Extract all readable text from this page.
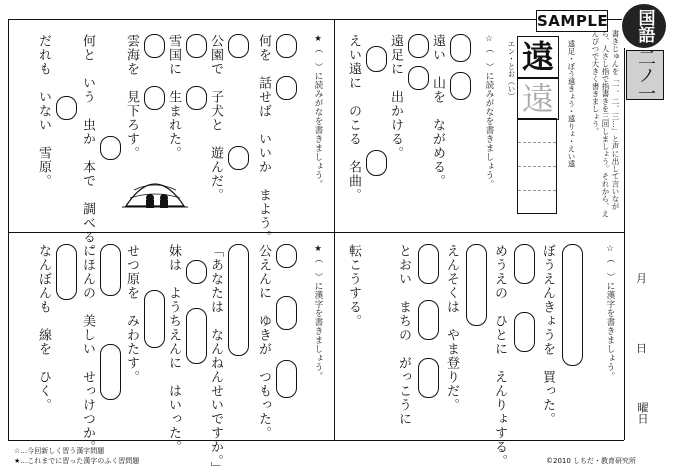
SAMPLE	国語
二ノ一
月
日
曜日
遠
遠
エン・とお（い）	遠足・ぼう遠きょう・遠りょ・えい遠	書きじゅんを「一、二、三…」と声に出して言いながら、人さし指で指書きを三回しましょう。それから、えんぴつで大きく書きましょう。
☆（　）に読みがなを書きましょう。
遠い　山を　ながめる。
遠足に　出かける。
えい遠に　のこる　名曲。
★（　）に読みがなを書きましょう。
何を　話せば　いいか　まよう。
公園で　子犬と　遊んだ。
雪国に　生まれた。
雲海を　見下ろす。
何と　いう　虫か　本で　調べる。
だれも　いない　雪原。
☆（　）に漢字を書きましょう。
ぼうえんきょうを　買った。
めうえの　ひとに　えんりょする。
えんそくは　やま登りだ。
とおい　まちの　がっこうに
転こうする。
★（　）に漢字を書きましょう。
公えんに　ゆきが　つもった。
「あなたは　なんねんせいですか。」
妹は　ようちえんに　はいった。
せつ原を　みわたす。
にほんの　美しい　せっけつか。
なんぼんも　線を　ひく。
☆…今回新しく習う漢字問題
★…これまでに習った漢字のふく習問題	©2010 しちだ・教育研究所
